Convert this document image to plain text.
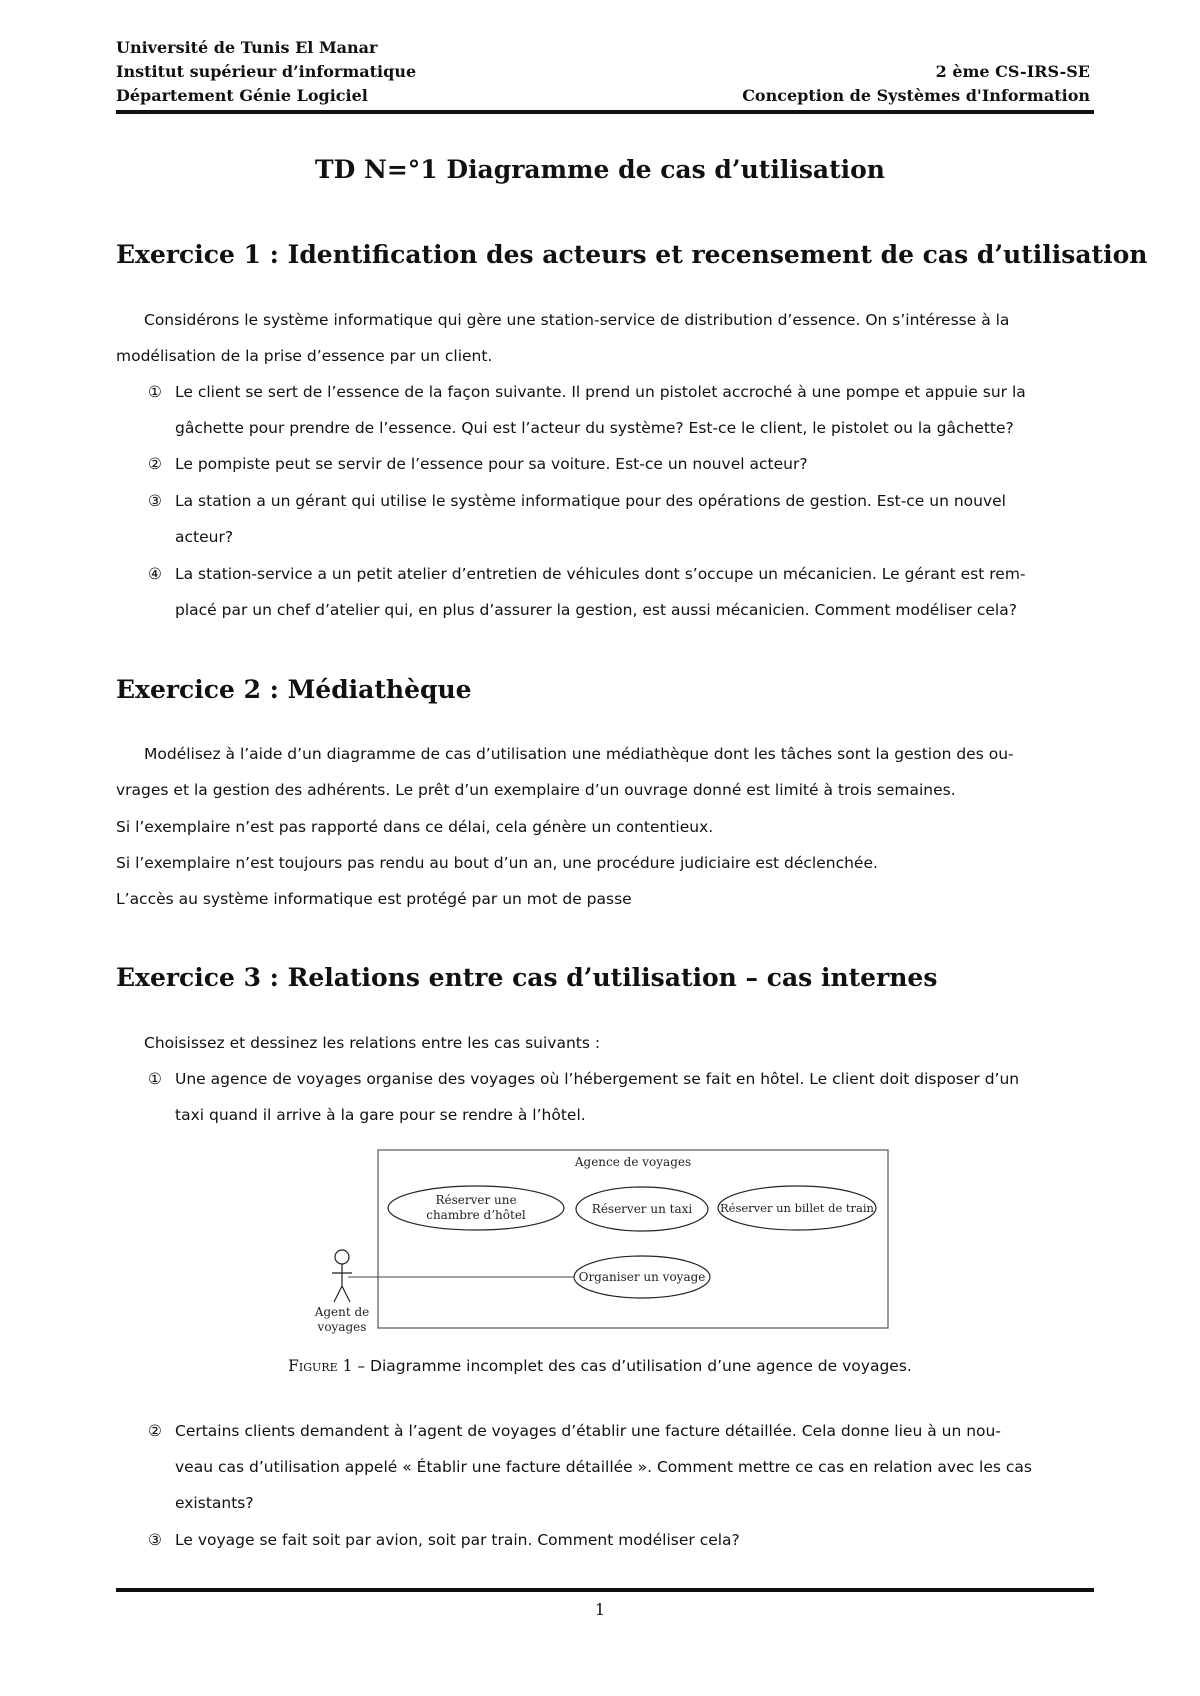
Université de Tunis El Manar
Institut supérieur d’informatique	2 ème CS-IRS-SE
Département Génie Logiciel	Conception de Systèmes d'Information
TD N=°1 Diagramme de cas d’utilisation
Exercice 1 : Identification des acteurs et recensement de cas d’utilisation
Considérons le système informatique qui gère une station-service de distribution d’essence. On s’intéresse à la
modélisation de la prise d’essence par un client.
① Le client se sert de l’essence de la façon suivante. Il prend un pistolet accroché à une pompe et appuie sur la
gâchette pour prendre de l’essence. Qui est l’acteur du système? Est-ce le client, le pistolet ou la gâchette?
② Le pompiste peut se servir de l’essence pour sa voiture. Est-ce un nouvel acteur?
③ La station a un gérant qui utilise le système informatique pour des opérations de gestion. Est-ce un nouvel
acteur?
④ La station-service a un petit atelier d’entretien de véhicules dont s’occupe un mécanicien. Le gérant est rem-
placé par un chef d’atelier qui, en plus d’assurer la gestion, est aussi mécanicien. Comment modéliser cela?
Exercice 2 : Médiathèque
Modélisez à l’aide d’un diagramme de cas d’utilisation une médiathèque dont les tâches sont la gestion des ou-
vrages et la gestion des adhérents. Le prêt d’un exemplaire d’un ouvrage donné est limité à trois semaines.
Si l’exemplaire n’est pas rapporté dans ce délai, cela génère un contentieux.
Si l’exemplaire n’est toujours pas rendu au bout d’un an, une procédure judiciaire est déclenchée.
L’accès au système informatique est protégé par un mot de passe
Exercice 3 : Relations entre cas d’utilisation – cas internes
Choisissez et dessinez les relations entre les cas suivants :
① Une agence de voyages organise des voyages où l’hébergement se fait en hôtel. Le client doit disposer d’un
taxi quand il arrive à la gare pour se rendre à l’hôtel.
Agence de voyages
Réserver une
chambre d’hôtel	Réserver un taxi Réserver un billet de train
Organiser un voyage
Agent de
voyages
Figure 1 – Diagramme incomplet des cas d’utilisation d’une agence de voyages.
② Certains clients demandent à l’agent de voyages d’établir une facture détaillée. Cela donne lieu à un nou-
veau cas d’utilisation appelé « Établir une facture détaillée ». Comment mettre ce cas en relation avec les cas
existants?
③ Le voyage se fait soit par avion, soit par train. Comment modéliser cela?
1
